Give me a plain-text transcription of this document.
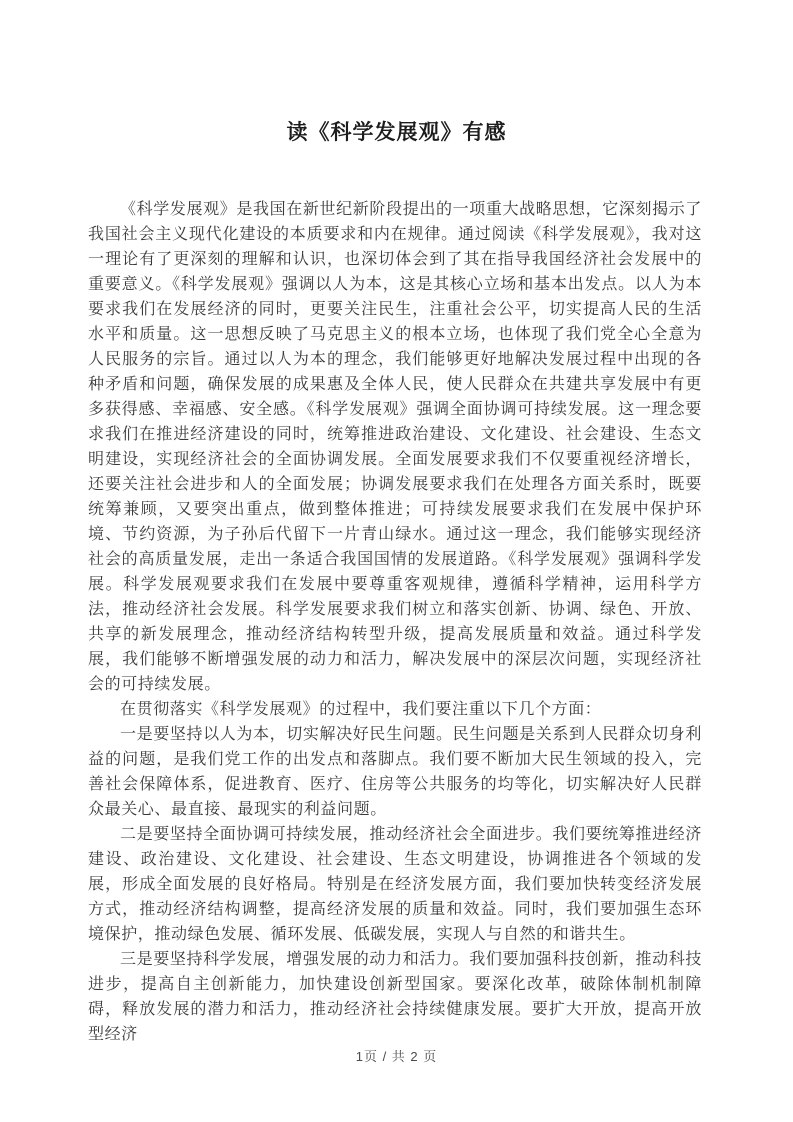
读《科学发展观》有感

《科学发展观》是我国在新世纪新阶段提出的一项重大战略思想，它深刻揭示了我国社会主义现代化建设的本质要求和内在规律。通过阅读《科学发展观》，我对这一理论有了更深刻的理解和认识，也深切体会到了其在指导我国经济社会发展中的重要意义。《科学发展观》强调以人为本，这是其核心立场和基本出发点。以人为本要求我们在发展经济的同时，更要关注民生，注重社会公平，切实提高人民的生活水平和质量。这一思想反映了马克思主义的根本立场，也体现了我们党全心全意为人民服务的宗旨。通过以人为本的理念，我们能够更好地解决发展过程中出现的各种矛盾和问题，确保发展的成果惠及全体人民，使人民群众在共建共享发展中有更多获得感、幸福感、安全感。《科学发展观》强调全面协调可持续发展。这一理念要求我们在推进经济建设的同时，统筹推进政治建设、文化建设、社会建设、生态文明建设，实现经济社会的全面协调发展。全面发展要求我们不仅要重视经济增长，还要关注社会进步和人的全面发展；协调发展要求我们在处理各方面关系时，既要统筹兼顾，又要突出重点，做到整体推进；可持续发展要求我们在发展中保护环境、节约资源，为子孙后代留下一片青山绿水。通过这一理念，我们能够实现经济社会的高质量发展，走出一条适合我国国情的发展道路。《科学发展观》强调科学发展。科学发展观要求我们在发展中要尊重客观规律，遵循科学精神，运用科学方法，推动经济社会发展。科学发展要求我们树立和落实创新、协调、绿色、开放、共享的新发展理念，推动经济结构转型升级，提高发展质量和效益。通过科学发展，我们能够不断增强发展的动力和活力，解决发展中的深层次问题，实现经济社会的可持续发展。

在贯彻落实《科学发展观》的过程中，我们要注重以下几个方面：

一是要坚持以人为本，切实解决好民生问题。民生问题是关系到人民群众切身利益的问题，是我们党工作的出发点和落脚点。我们要不断加大民生领域的投入，完善社会保障体系，促进教育、医疗、住房等公共服务的均等化，切实解决好人民群众最关心、最直接、最现实的利益问题。

二是要坚持全面协调可持续发展，推动经济社会全面进步。我们要统筹推进经济建设、政治建设、文化建设、社会建设、生态文明建设，协调推进各个领域的发展，形成全面发展的良好格局。特别是在经济发展方面，我们要加快转变经济发展方式，推动经济结构调整，提高经济发展的质量和效益。同时，我们要加强生态环境保护，推动绿色发展、循环发展、低碳发展，实现人与自然的和谐共生。

三是要坚持科学发展，增强发展的动力和活力。我们要加强科技创新，推动科技进步，提高自主创新能力，加快建设创新型国家。要深化改革，破除体制机制障碍，释放发展的潜力和活力，推动经济社会持续健康发展。要扩大开放，提高开放型经济

1页 / 共 2 页
